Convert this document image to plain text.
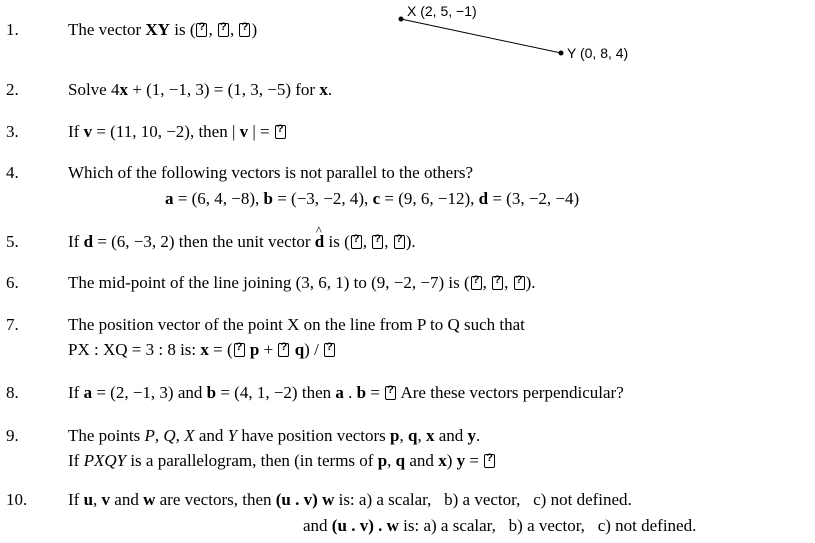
X (2, 5, −1)
Y (0, 8, 4)
1.	The vector XY is ( ? , ?, ?)
2.	Solve 4x + (1, −1, 3) = (1, 3, −5) for x.
3.	If v = (11, 10, −2), then | v | = ?
4.	Which of the following vectors is not parallel to the others?
a = (6, 4, −8), b = (−3, −2, 4), c = (9, 6, −12), d = (3, −2, −4)
5.	If d = (6, −3, 2) then the unit vector ^ d is ( ? , ?, ?).
6.	The mid-point of the line joining (3, 6, 1) to (9, −2, −7) is ( ? , ?, ?).
7.	The position vector of the point X on the line from P to Q such that
PX : XQ = 3 : 8 is: x = ( ? p + ? q) / ?
8.	If a = (2, −1, 3) and b = (4, 1, −2) then a . b = ? Are these vectors perpendicular?
9.	The points P, Q, X and Y have position vectors p, q, x and y.
If PXQY is a parallelogram, then (in terms of p, q and x) y = ?
10. If u, v and w are vectors, then (u . v) w is: a) a scalar, b) a vector, c) not defined.
and (u . v) . w is: a) a scalar, b) a vector, c) not defined.
